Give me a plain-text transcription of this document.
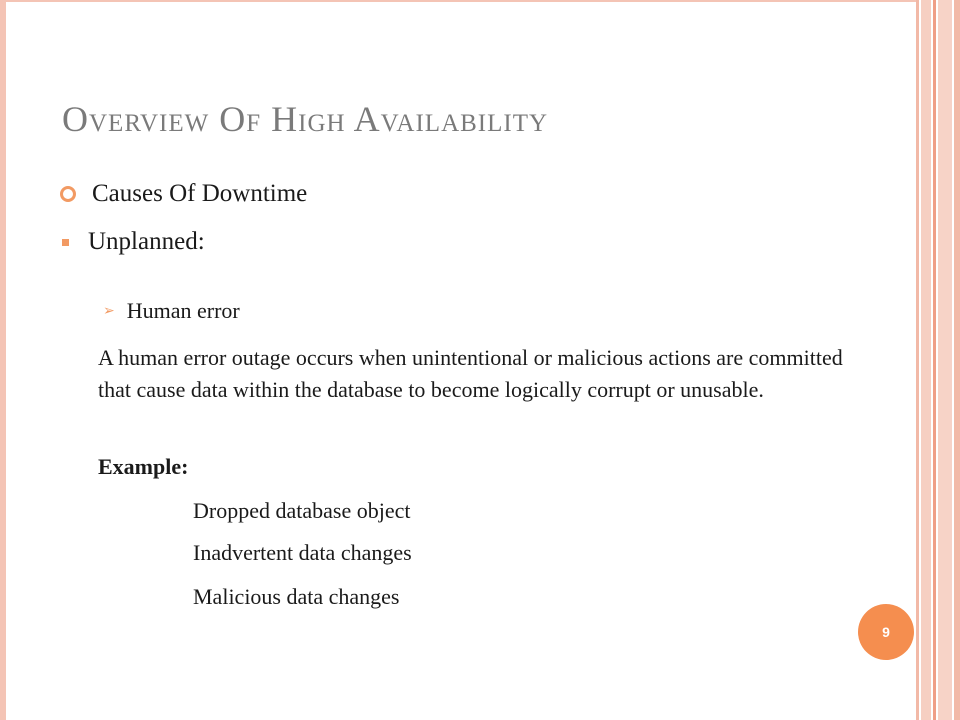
Overview Of High Availability
Causes Of Downtime
Unplanned:
➢ Human error

A human error outage occurs when unintentional or malicious actions are committed that cause data within the database to become logically corrupt or unusable.

Example:
Dropped database object
Inadvertent data changes
Malicious data changes
9
